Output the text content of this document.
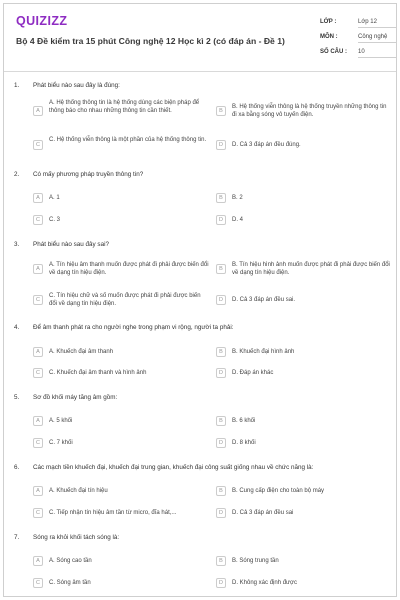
QUIZIZZ
Bộ 4 Đề kiểm tra 15 phút Công nghệ 12 Học kì 2 (có đáp án - Đề 1)
LỚP :	Lớp 12
MÔN :	Công nghệ
SỐ CÂU : 10
1. Phát biểu nào sau đây là đúng:
A
A. Hệ thống thông tin là hệ thống dùng các biện pháp để thông báo cho nhau những thông tin cần thiết.	B
B. Hệ thống viễn thông là hệ thống truyền những thông tin đi xa bằng sóng vô tuyến điện.
C
C. Hệ thống viễn thông là một phần của hệ thống thông tin.
D	D. Cả 3 đáp án đều đúng.
2. Có mấy phương pháp truyền thông tin?
A	A. 1	B	B. 2
C	C. 3	D	D. 4
3. Phát biểu nào sau đây sai?
A
A. Tín hiệu âm thanh muốn được phát đi phải được biến đổi về dạng tín hiệu điện.
B
B. Tín hiệu hình ảnh muốn được phát đi phải được biến đổi về dạng tín hiệu điện.
C
C. Tín hiệu chữ và số muốn được phát đi phải được biến đổi về dạng tín hiệu điện.
D	D. Cả 3 đáp án đều sai.
4. Để âm thanh phát ra cho người nghe trong phạm vi rộng, người ta phải:
A	A. Khuếch đại âm thanh	B	B. Khuếch đại hình ảnh
C	C. Khuếch đại âm thanh và hình ảnh	D	D. Đáp án khác
5. Sơ đồ khối máy tăng âm gồm:
A	A. 5 khối	B	B. 6 khối
C	C. 7 khối	D	D. 8 khối
6. Các mạch tiền khuếch đại, khuếch đại trung gian, khuếch đại công suất giống nhau về chức năng là:
A	A. Khuếch đại tín hiệu	B	B. Cung cấp điện cho toàn bộ máy
C	C. Tiếp nhận tín hiệu âm tần từ micro, đĩa hát,...	D	D. Cả 3 đáp án đều sai
7. Sóng ra khỏi khối tách sóng là:
A	A. Sóng cao tần	B	B. Sóng trung tần
C	C. Sóng âm tần	D	D. Không xác định được
